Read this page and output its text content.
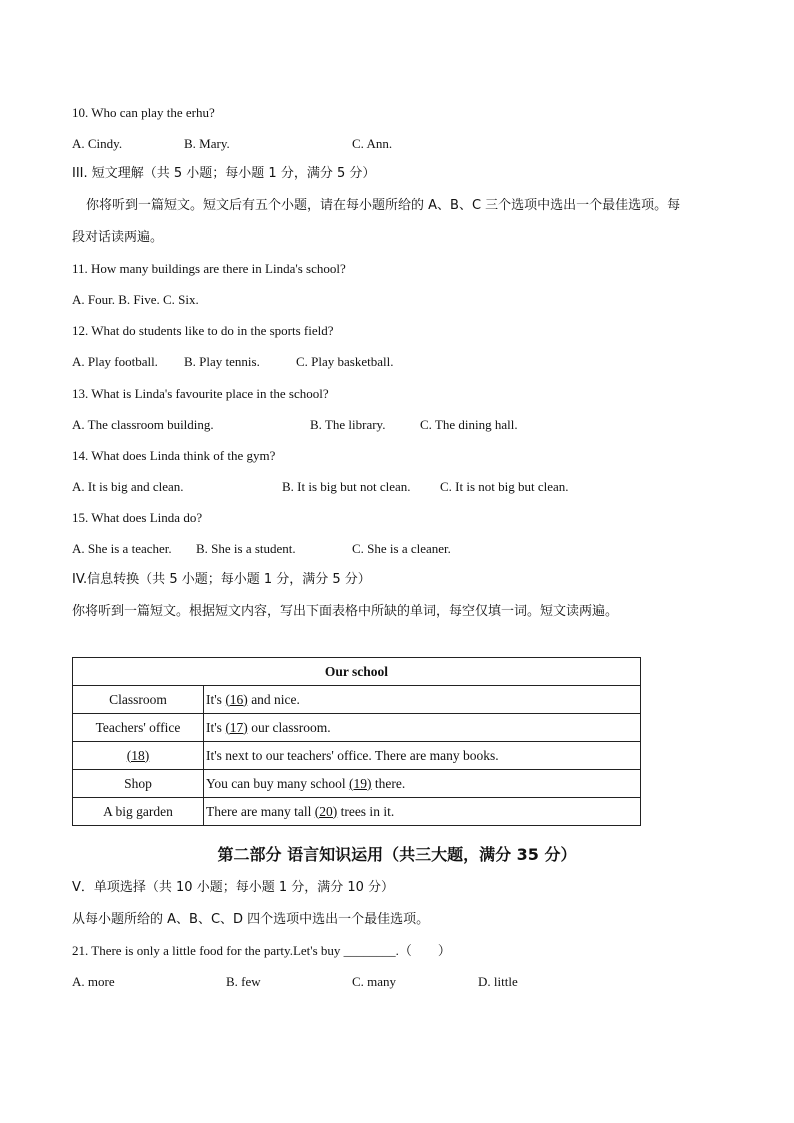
10. Who can play the erhu?
A. Cindy.	B. Mary.	C. Ann.
III. 短文理解（共 5 小题；每小题 1 分，满分 5 分）
你将听到一篇短文。短文后有五个小题，请在每小题所给的 A、B、C 三个选项中选出一个最佳选项。每
段对话读两遍。
11. How many buildings are there in Linda's school?
A. Four. B. Five. C. Six.
12. What do students like to do in the sports field?
A. Play football. B. Play tennis.	C. Play basketball.
13. What is Linda's favourite place in the school?
A. The classroom building.	B. The library.	C. The dining hall.
14. What does Linda think of the gym?
A. It is big and clean.	B. It is big but not clean. C. It is not big but clean.
15. What does Linda do?
A. She is a teacher. B. She is a student.	C. She is a cleaner.
IV.信息转换（共 5 小题；每小题 1 分，满分 5 分）
你将听到一篇短文。根据短文内容，写出下面表格中所缺的单词，每空仅填一词。短文读两遍。
Our school	
Classroom	It's (16) and nice.
Teachers' office	It's (17) our classroom.
(18)	It's next to our teachers' office. There are many books.
Shop	You can buy many school (19) there.
A big garden	There are many tall (20) trees in it.
第二部分 语言知识运用（共三大题，满分 35 分）
V．单项选择（共 10 小题；每小题 1 分，满分 10 分）
从每小题所给的 A、B、C、D 四个选项中选出一个最佳选项。
21. There is only a little food for the party.Let's buy ________.（　　）
A. more	B. few	C. many	D. little
